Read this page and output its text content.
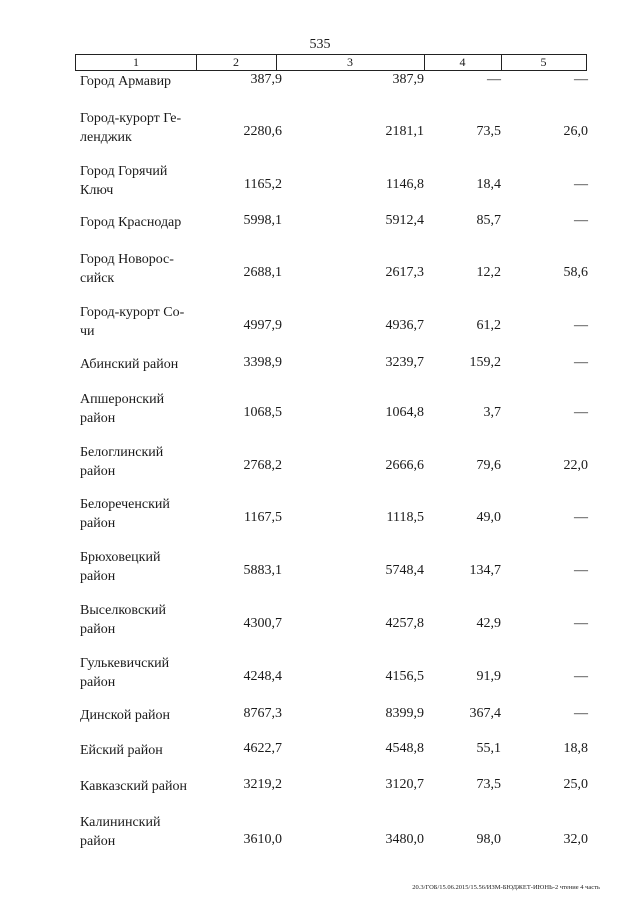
535
1	2	3	4	5
Город Армавир	387,9	387,9	—	—
Город-курорт Ге-ленджик	2280,6	2181,1	73,5	26,0
Город Горячий Ключ	1165,2	1146,8	18,4	—
Город Краснодар	5998,1	5912,4	85,7	—
Город Новорос-сийск	2688,1	2617,3	12,2	58,6
Город-курорт Со-чи	4997,9	4936,7	61,2	—
Абинский район	3398,9	3239,7	159,2	—
Апшеронский район	1068,5	1064,8	3,7	—
Белоглинский район	2768,2	2666,6	79,6	22,0
Белореченский район	1167,5	1118,5	49,0	—
Брюховецкий район	5883,1	5748,4	134,7	—
Выселковский район	4300,7	4257,8	42,9	—
Гулькевичский район	4248,4	4156,5	91,9	—
Динской район	8767,3	8399,9	367,4	—
Ейский район	4622,7	4548,8	55,1	18,8
Кавказский район	3219,2	3120,7	73,5	25,0
Калининский район	3610,0	3480,0	98,0	32,0
20.3/ГОБ/15.06.2015/15.56/ИЗМ-БЮДЖЕТ-ИЮНЬ-2 чтение 4 часть
